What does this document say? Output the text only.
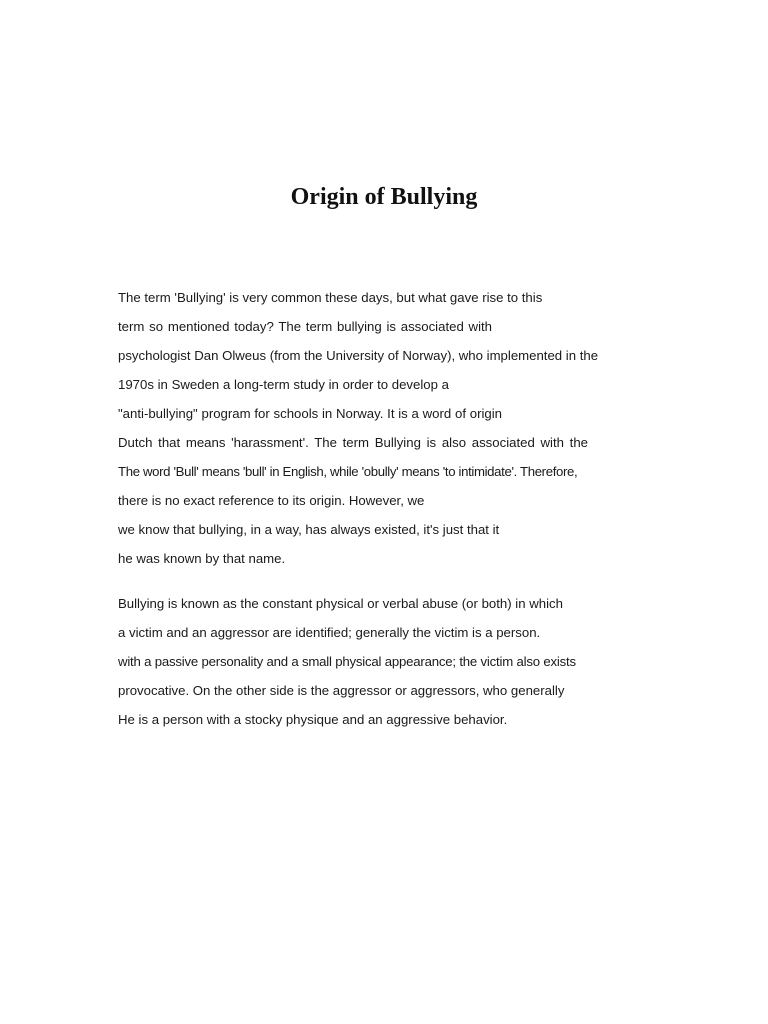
Origin of Bullying
The term 'Bullying' is very common these days, but what gave rise to this
term so mentioned today? The term bullying is associated with
psychologist Dan Olweus (from the University of Norway), who implemented in the
1970s in Sweden a long-term study in order to develop a
"anti-bullying" program for schools in Norway. It is a word of origin
Dutch that means 'harassment'. The term Bullying is also associated with the
The word 'Bull' means 'bull' in English, while 'obully' means 'to intimidate'. Therefore,
there is no exact reference to its origin. However, we
we know that bullying, in a way, has always existed, it's just that it
he was known by that name.
Bullying is known as the constant physical or verbal abuse (or both) in which
a victim and an aggressor are identified; generally the victim is a person.
with a passive personality and a small physical appearance; the victim also exists
provocative. On the other side is the aggressor or aggressors, who generally
He is a person with a stocky physique and an aggressive behavior.
